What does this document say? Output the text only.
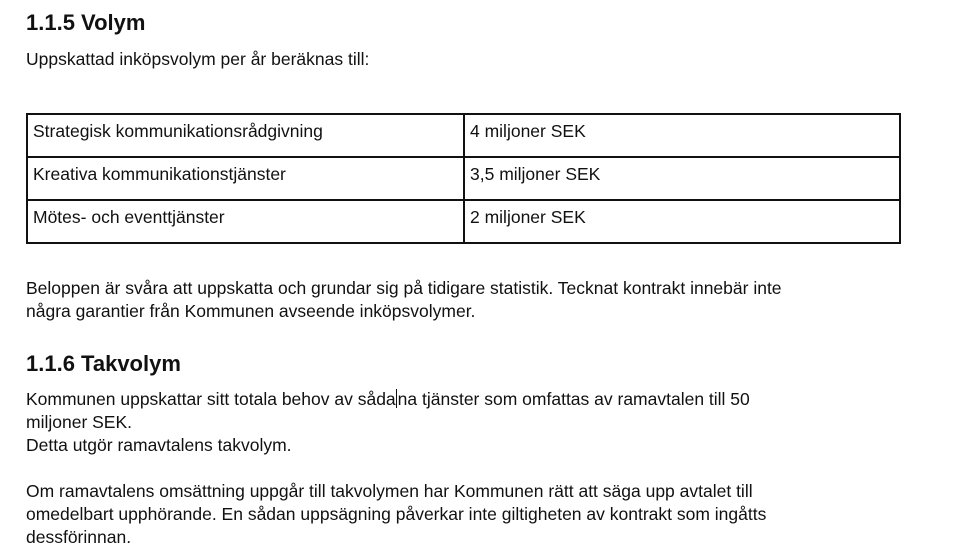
1.1.5 Volym

Uppskattad inköpsvolym per år beräknas till:

Strategisk kommunikationsrådgivning	4 miljoner SEK
Kreativa kommunikationstjänster	3,5 miljoner SEK
Mötes- och eventtjänster	2 miljoner SEK

Beloppen är svåra att uppskatta och grundar sig på tidigare statistik. Tecknat kontrakt innebär inte
några garantier från Kommunen avseende inköpsvolymer.

1.1.6 Takvolym

Kommunen uppskattar sitt totala behov av såda na tjänster som omfattas av ramavtalen till 50
miljoner SEK.

Detta utgör ramavtalens takvolym.

Om ramavtalens omsättning uppgår till takvolymen har Kommunen rätt att säga upp avtalet till
omedelbart upphörande. En sådan uppsägning påverkar inte giltigheten av kontrakt som ingåtts
dessförinnan.
